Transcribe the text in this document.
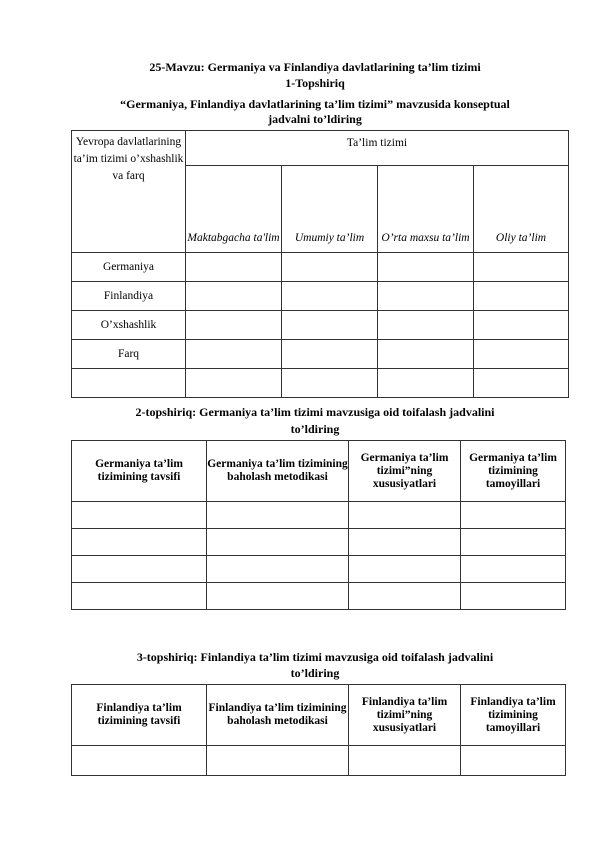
25-Mavzu: Germaniya va Finlandiya davlatlarining ta’lim tizimi

1-Topshiriq

“Germaniya, Finlandiya davlatlarining ta’lim tizimi” mavzusida konseptual

jadvalni to’ldiring

Yevropa davlatlarining ta’im tizimi o’xshashlik va farq	Ta’lim tizimi			
	Maktabgacha ta'lim	Umumiy ta’lim	O’rta maxsu ta’lim	Oliy ta’lim
Germaniya				
Finlandiya				
O’xshashlik				
Farq				

2-topshiriq: Germaniya ta’lim tizimi mavzusiga oid toifalash jadvalini

to’ldiring

Germaniya ta’lim tizimining tavsifi	Germaniya ta’lim tizimining baholash metodikasi	Germaniya ta’lim tizimi”ning xususiyatlari	Germaniya ta’lim tizimining tamoyillari

3-topshiriq: Finlandiya ta’lim tizimi mavzusiga oid toifalash jadvalini

to’ldiring

Finlandiya ta’lim tizimining tavsifi	Finlandiya ta’lim tizimining baholash metodikasi	Finlandiya ta’lim tizimi”ning xususiyatlari	Finlandiya ta’lim tizimining tamoyillari
